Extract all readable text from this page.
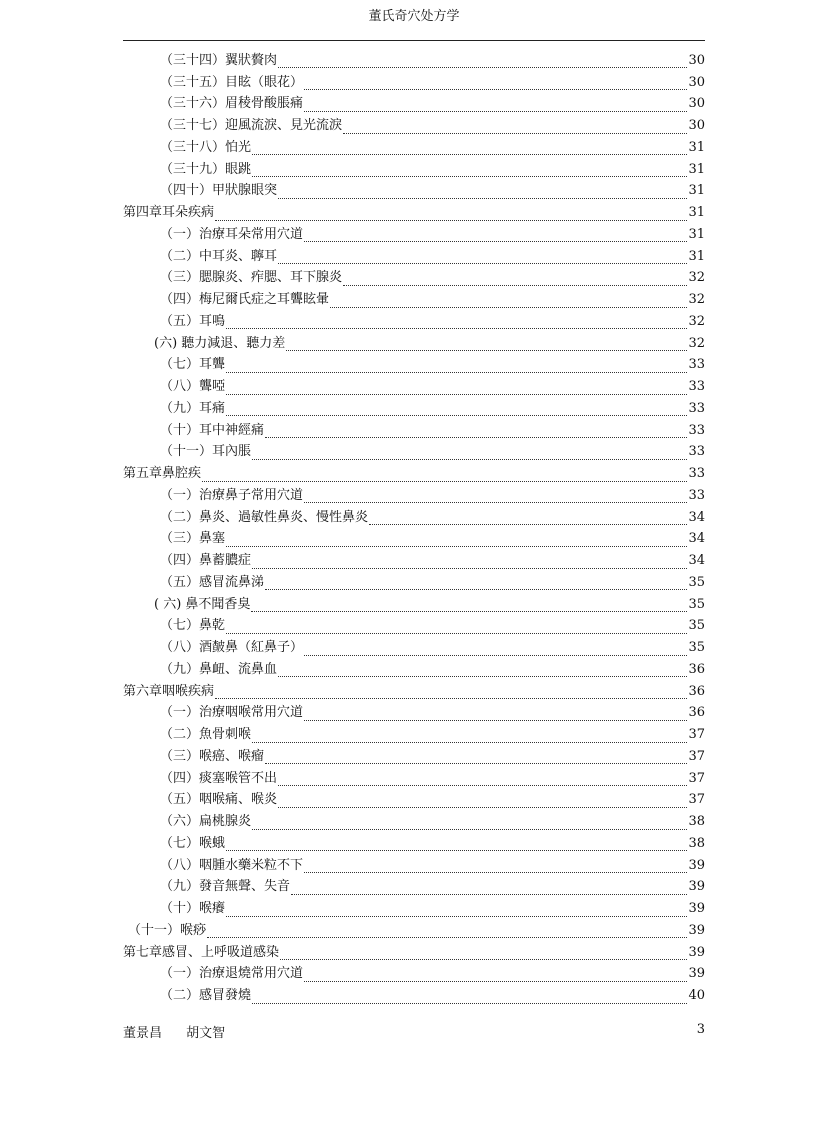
董氏奇穴处方学
（三十四）翼狀贅肉	30
（三十五）目眩（眼花）	30
（三十六）眉稜骨酸脹痛	30
（三十七）迎風流淚、見光流淚	30
（三十八）怕光	31
（三十九）眼跳	31
（四十）甲狀腺眼突	31
第四章耳朵疾病	31
（一）治療耳朵常用穴道	31
（二）中耳炎、聹耳	31
（三）腮腺炎、痄腮、耳下腺炎	32
（四）梅尼爾氏症之耳聾眩暈	32
（五）耳鳴	32
(六) 聽力減退、聽力差	32
（七）耳聾	33
（八）聾啞	33
（九）耳痛	33
（十）耳中神經痛	33
（十一）耳內脹	33
第五章鼻腔疾	33
（一）治療鼻子常用穴道	33
（二）鼻炎、過敏性鼻炎、慢性鼻炎	34
（三）鼻塞	34
（四）鼻蓄膿症	34
（五）感冒流鼻涕	35
( 六) 鼻不聞香臭	35
（七）鼻乾	35
（八）酒皶鼻（紅鼻子）	35
（九）鼻衄、流鼻血	36
第六章咽喉疾病	36
（一）治療咽喉常用穴道	36
（二）魚骨刺喉	37
（三）喉癌、喉瘤	37
（四）痰塞喉管不出	37
（五）咽喉痛、喉炎	37
（六）扁桃腺炎	38
（七）喉蛾	38
（八）咽腫水藥米粒不下	39
（九）發音無聲、失音	39
（十）喉癢	39
（十一）喉痧	39
第七章感冒、上呼吸道感染	39
（一）治療退燒常用穴道	39
（二）感冒發燒	40
董景昌 胡文智	3
